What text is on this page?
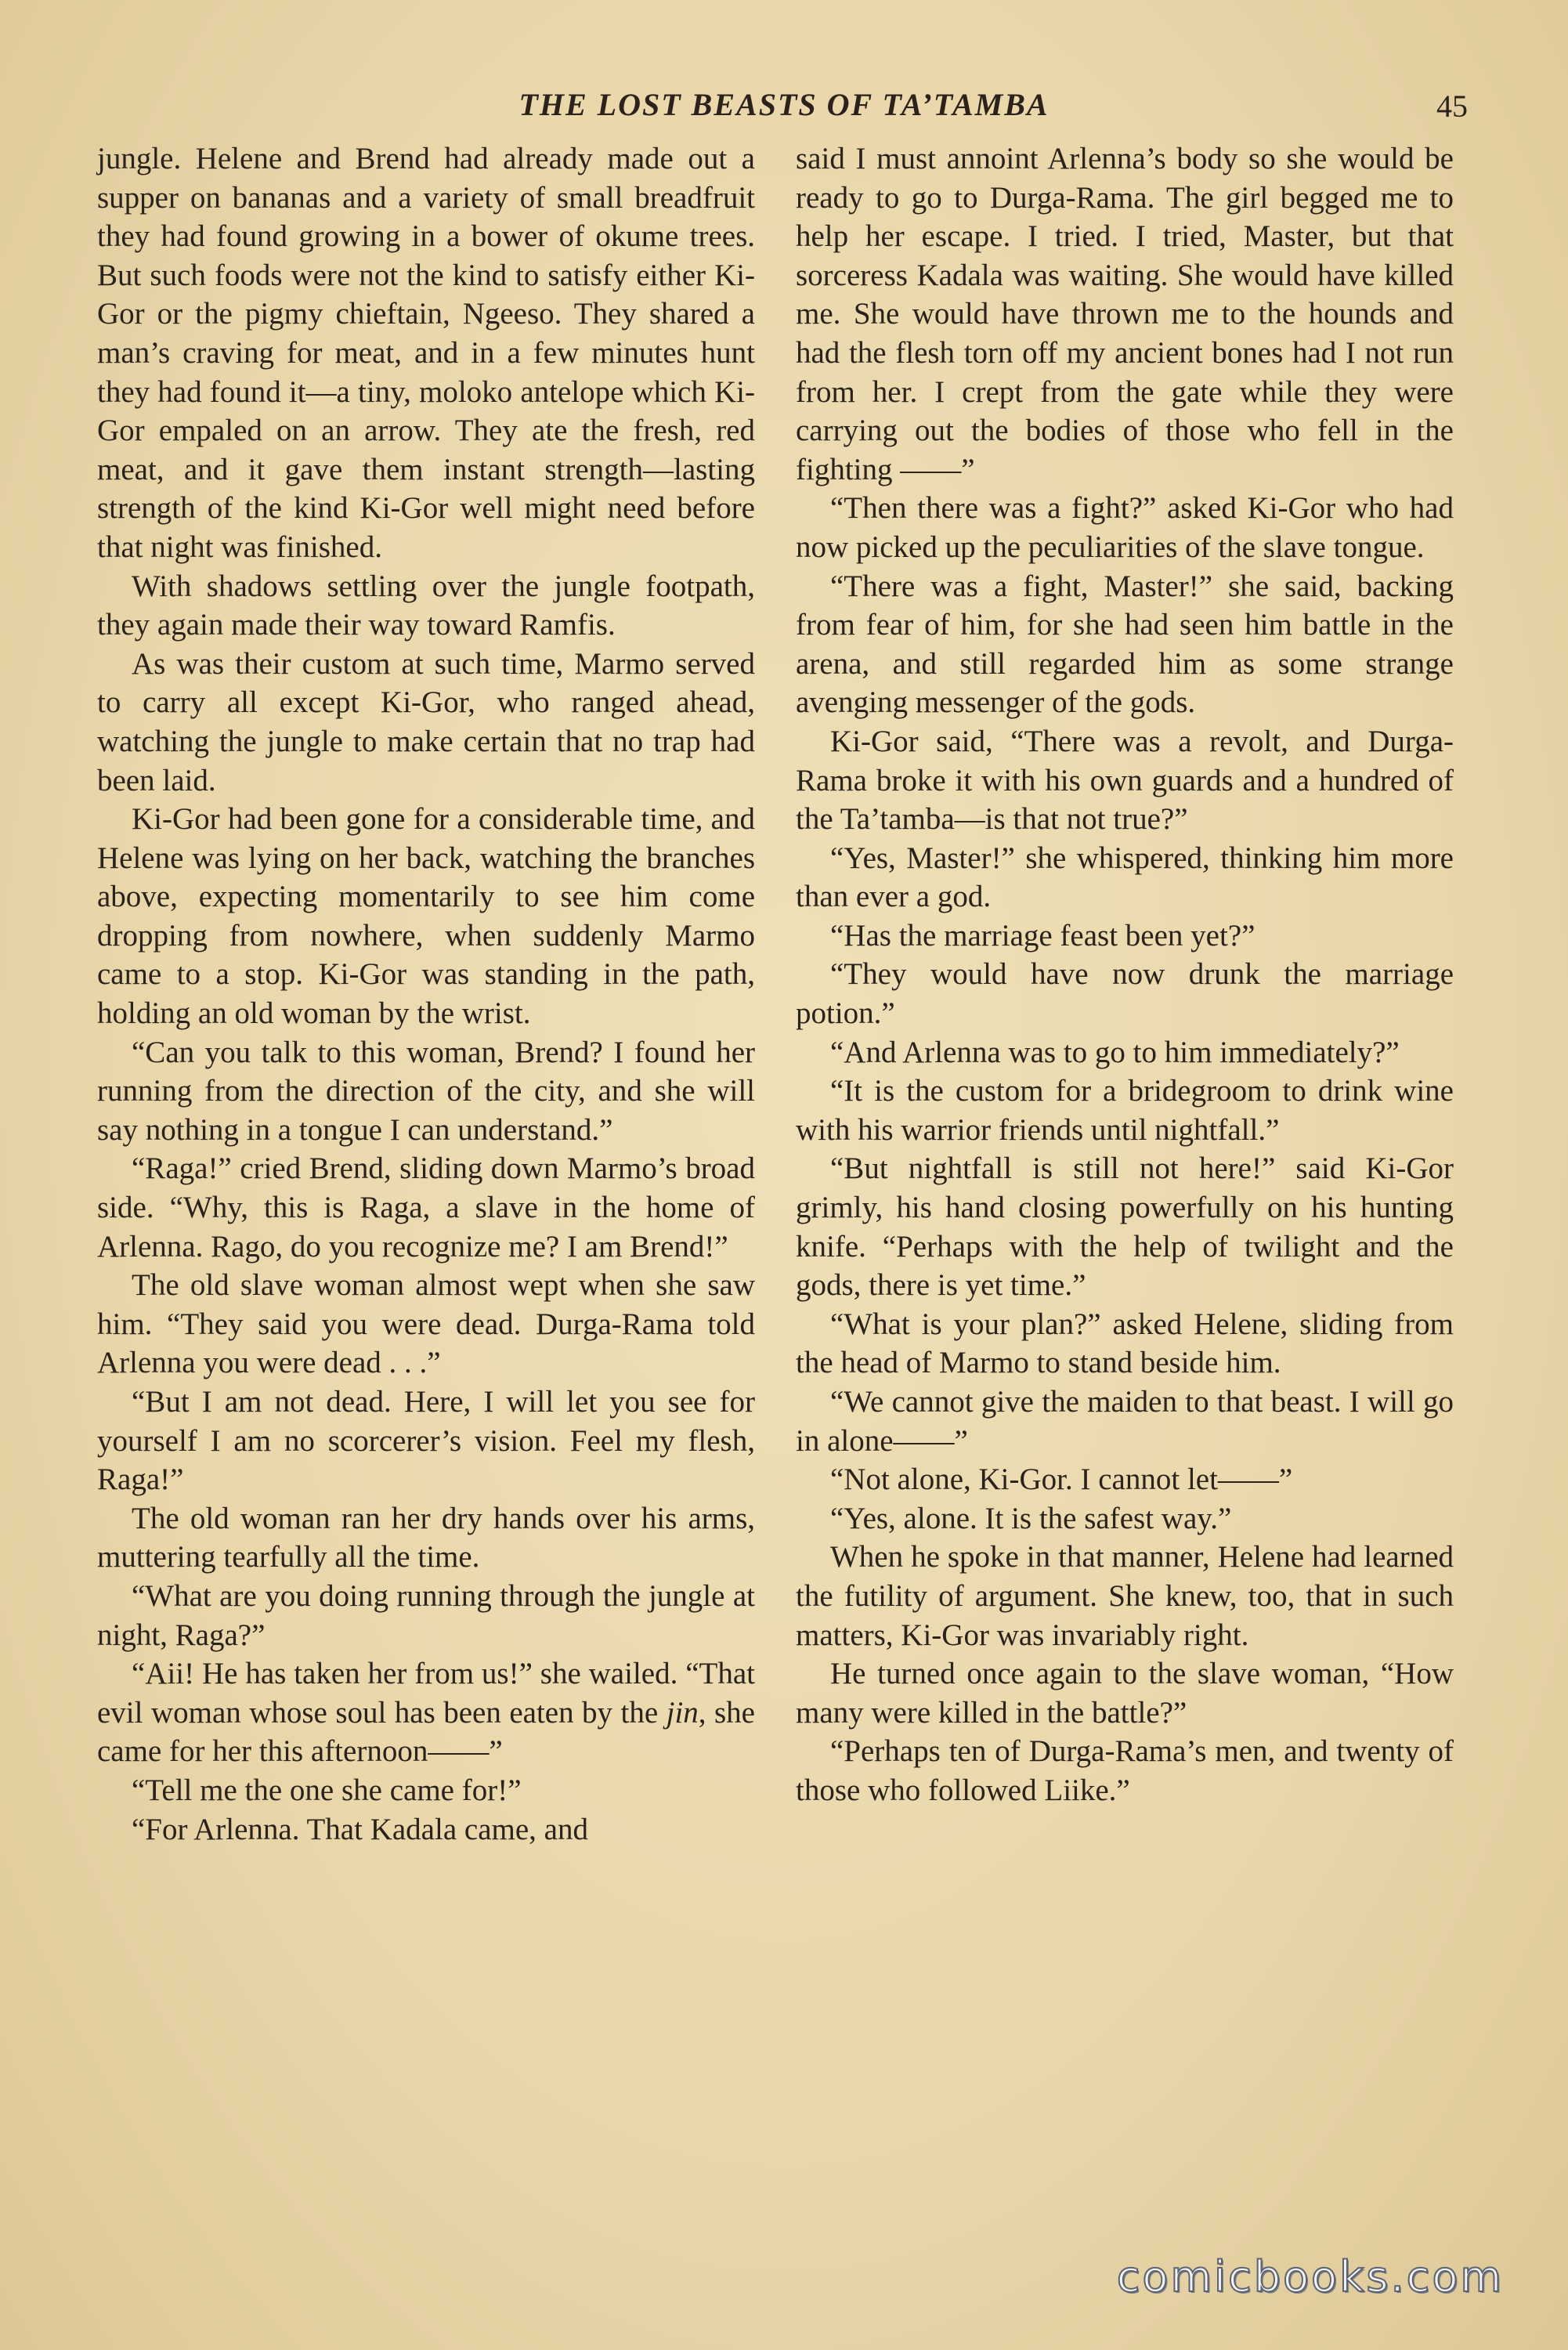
THE LOST BEASTS OF TA’TAMBA	45

jungle. Helene and Brend had already made out a supper on bananas and a variety of small breadfruit they had found growing in a bower of okume trees. But such foods were not the kind to satisfy either Ki-Gor or the pigmy chieftain, Ngeeso. They shared a man’s craving for meat, and in a few minutes hunt they had found it—a tiny, moloko antelope which Ki-Gor empaled on an arrow. They ate the fresh, red meat, and it gave them instant strength—lasting strength of the kind Ki-Gor well might need before that night was finished.

With shadows settling over the jungle footpath, they again made their way toward Ramfis.

As was their custom at such time, Marmo served to carry all except Ki-Gor, who ranged ahead, watching the jungle to make certain that no trap had been laid.

Ki-Gor had been gone for a considerable time, and Helene was lying on her back, watching the branches above, expecting momentarily to see him come dropping from nowhere, when suddenly Marmo came to a stop. Ki-Gor was standing in the path, holding an old woman by the wrist.

“Can you talk to this woman, Brend? I found her running from the direction of the city, and she will say nothing in a tongue I can understand.”

“Raga!” cried Brend, sliding down Marmo’s broad side. “Why, this is Raga, a slave in the home of Arlenna. Rago, do you recognize me? I am Brend!”

The old slave woman almost wept when she saw him. “They said you were dead. Durga-Rama told Arlenna you were dead . . .”

“But I am not dead. Here, I will let you see for yourself I am no scorcerer’s vision. Feel my flesh, Raga!”

The old woman ran her dry hands over his arms, muttering tearfully all the time.

“What are you doing running through the jungle at night, Raga?”

“Aii! He has taken her from us!” she wailed. “That evil woman whose soul has been eaten by the jin, she came for her this afternoon——”

“Tell me the one she came for!”

“For Arlenna. That Kadala came, and

said I must annoint Arlenna’s body so she would be ready to go to Durga-Rama. The girl begged me to help her escape. I tried. I tried, Master, but that sorceress Kadala was waiting. She would have killed me. She would have thrown me to the hounds and had the flesh torn off my ancient bones had I not run from her. I crept from the gate while they were carrying out the bodies of those who fell in the fighting ——”

“Then there was a fight?” asked Ki-Gor who had now picked up the peculiarities of the slave tongue.

“There was a fight, Master!” she said, backing from fear of him, for she had seen him battle in the arena, and still regarded him as some strange avenging messenger of the gods.

Ki-Gor said, “There was a revolt, and Durga-Rama broke it with his own guards and a hundred of the Ta’tamba—is that not true?”

“Yes, Master!” she whispered, thinking him more than ever a god.

“Has the marriage feast been yet?”

“They would have now drunk the marriage potion.”

“And Arlenna was to go to him immediately?”

“It is the custom for a bridegroom to drink wine with his warrior friends until nightfall.”

“But nightfall is still not here!” said Ki-Gor grimly, his hand closing powerfully on his hunting knife. “Perhaps with the help of twilight and the gods, there is yet time.”

“What is your plan?” asked Helene, sliding from the head of Marmo to stand beside him.

“We cannot give the maiden to that beast. I will go in alone——”

“Not alone, Ki-Gor. I cannot let——”

“Yes, alone. It is the safest way.”

When he spoke in that manner, Helene had learned the futility of argument. She knew, too, that in such matters, Ki-Gor was invariably right.

He turned once again to the slave woman, “How many were killed in the battle?”

“Perhaps ten of Durga-Rama’s men, and twenty of those who followed Liike.”

comicbooks.com
